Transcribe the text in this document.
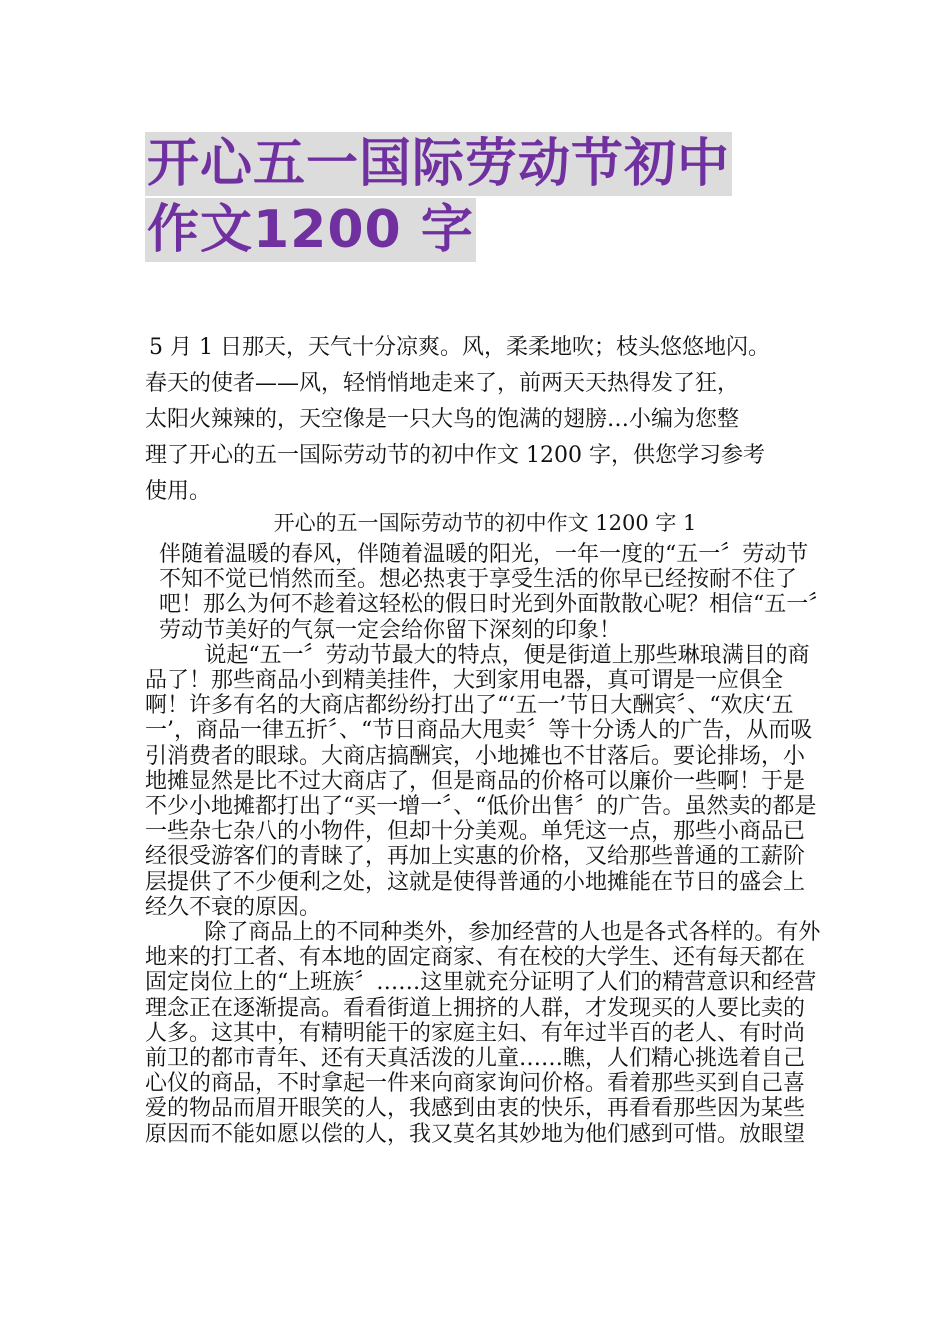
开心五一国际劳动节初中
作文1200 字
5 月 1 日那天，天气十分凉爽。风，柔柔地吹；枝头悠悠地闪。
春天的使者——风，轻悄悄地走来了，前两天天热得发了狂，
太阳火辣辣的，天空像是一只大鸟的饱满的翅膀…小编为您整
理了开心的五一国际劳动节的初中作文 1200 字，供您学习参考
使用。
开心的五一国际劳动节的初中作文 1200 字 1

伴随着温暖的春风，伴随着温暖的阳光，一年一度的“五一〞劳动节不知不觉已悄然而至。想必热衷于享受生活的你早已经按耐不住了吧！那么为何不趁着这轻松的假日时光到外面散散心呢？相信“五一〞劳动节美好的气氛一定会给你留下深刻的印象！

说起“五一〞劳动节最大的特点，便是街道上那些琳琅满目的商品了！那些商品小到精美挂件，大到家用电器，真可谓是一应俱全啊！许多有名的大商店都纷纷打出了“‘五一’节日大酬宾〞、“欢庆‘五一’，商品一律五折〞、“节日商品大甩卖〞等十分诱人的广告，从而吸引消费者的眼球。大商店搞酬宾，小地摊也不甘落后。要论排场，小地摊显然是比不过大商店了，但是商品的价格可以廉价一些啊！于是不少小地摊都打出了“买一增一〞、“低价出售〞的广告。虽然卖的都是一些杂七杂八的小物件，但却十分美观。单凭这一点，那些小商品已经很受游客们的青睐了，再加上实惠的价格，又给那些普通的工薪阶层提供了不少便利之处，这就是使得普通的小地摊能在节日的盛会上经久不衰的原因。

除了商品上的不同种类外，参加经营的人也是各式各样的。有外地来的打工者、有本地的固定商家、有在校的大学生、还有每天都在固定岗位上的“上班族〞……这里就充分证明了人们的精营意识和经营理念正在逐渐提高。看看街道上拥挤的人群，才发现买的人要比卖的人多。这其中，有精明能干的家庭主妇、有年过半百的老人、有时尚前卫的都市青年、还有天真活泼的儿童……瞧，人们精心挑选着自己心仪的商品，不时拿起一件来向商家询问价格。看着那些买到自己喜爱的物品而眉开眼笑的人，我感到由衷的快乐，再看看那些因为某些原因而不能如愿以偿的人，我又莫名其妙地为他们感到可惜。放眼望
